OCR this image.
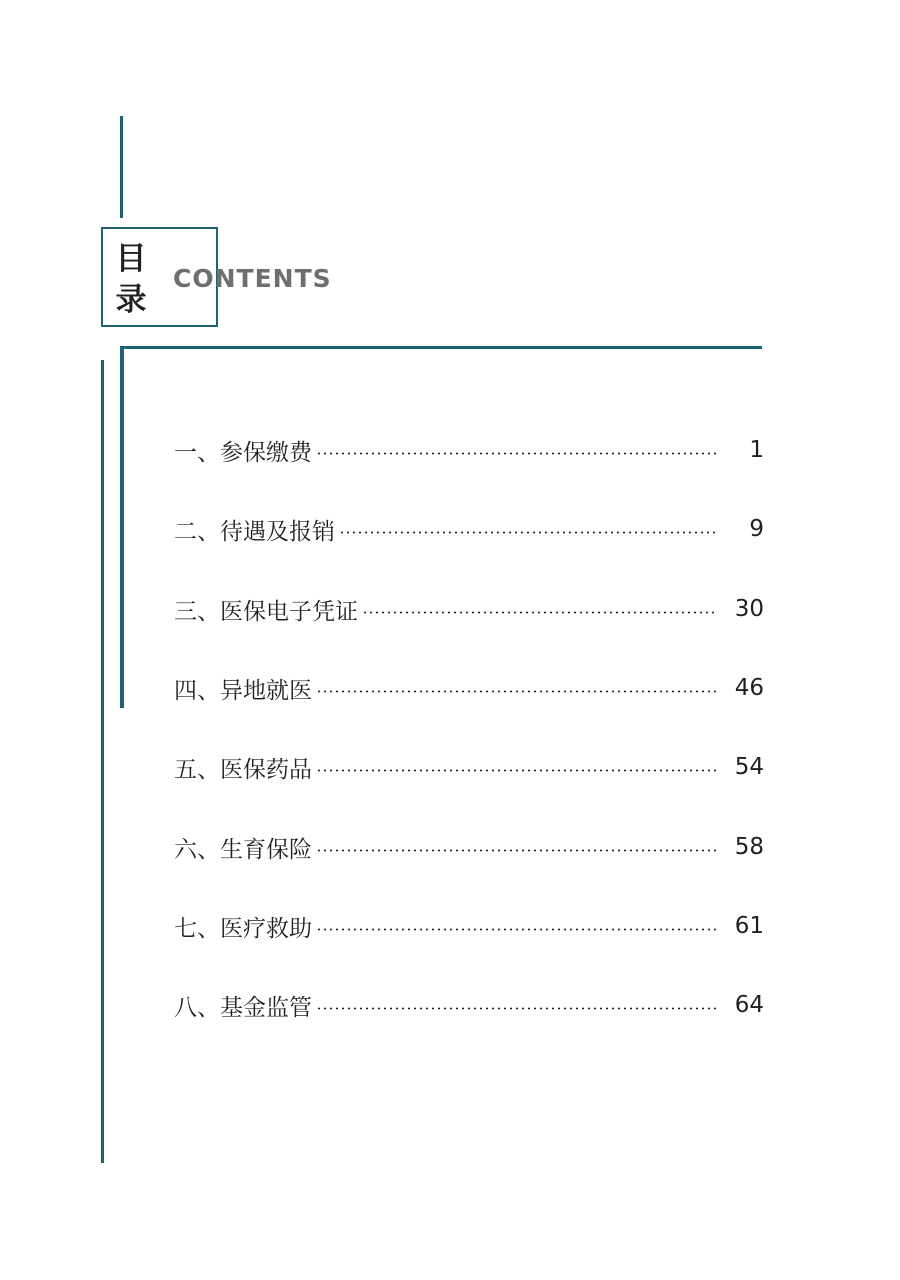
目
录
CONTENTS
一、参保缴费	1
二、待遇及报销	9
三、医保电子凭证	30
四、异地就医	46
五、医保药品	54
六、生育保险	58
七、医疗救助	61
八、基金监管	64
